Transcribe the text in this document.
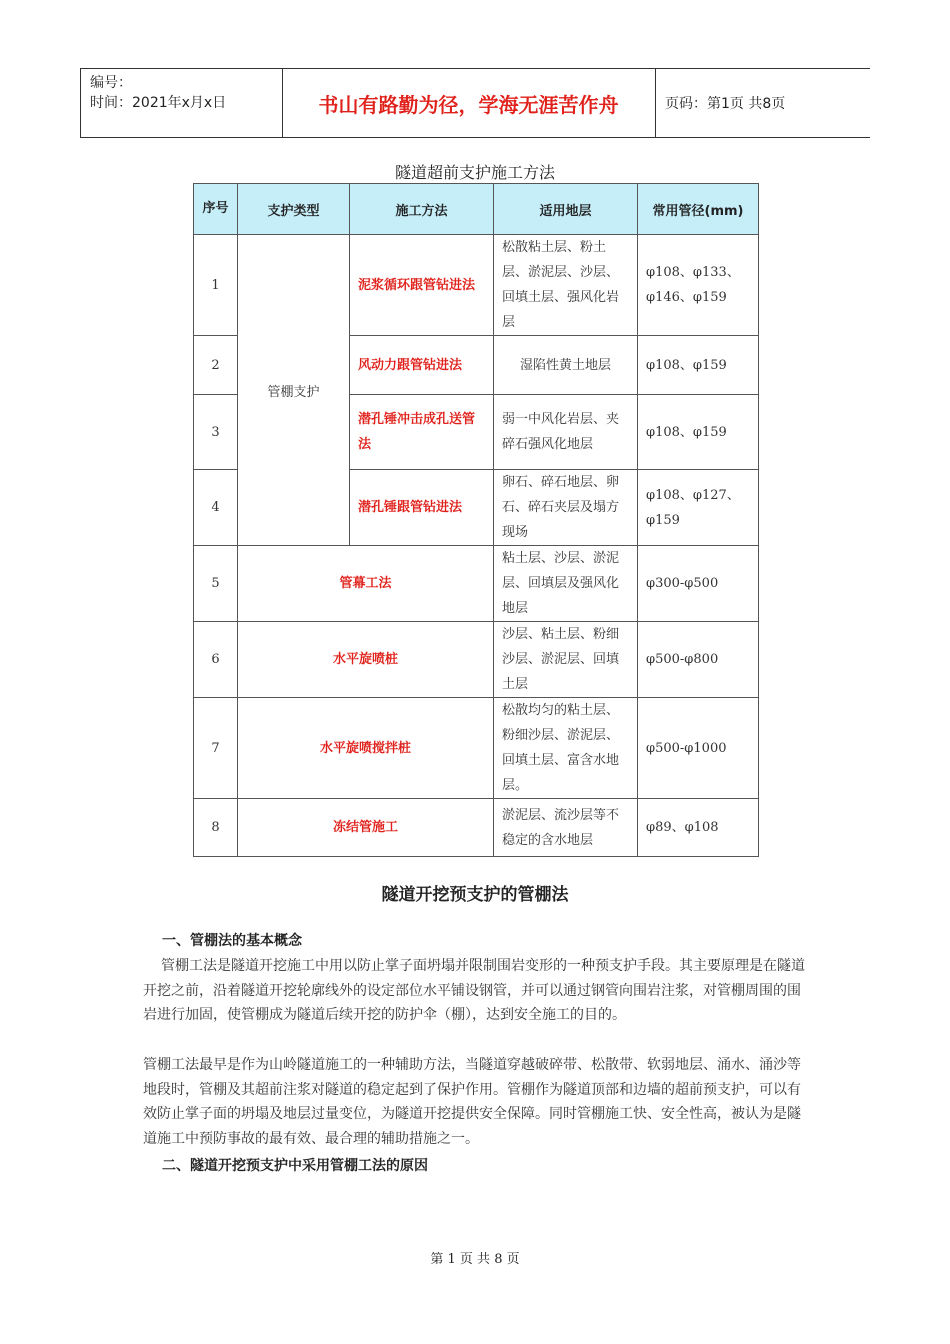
编号：
时间：2021年x月x日	书山有路勤为径，学海无涯苦作舟	页码：第1页 共8页
隧道超前支护施工方法
序号	支护类型	施工方法	适用地层	常用管径(mm)
1	管棚支护	泥浆循环跟管钻进法	松散粘土层、粉土层、淤泥层、沙层、回填土层、强风化岩层	φ108、φ133、φ146、φ159
2		风动力跟管钻进法	湿陷性黄土地层	φ108、φ159
3		潜孔锤冲击成孔送管法	弱一中风化岩层、夹碎石强风化地层	φ108、φ159
4		潜孔锤跟管钻进法	卵石、碎石地层、卵石、碎石夹层及塌方现场	φ108、φ127、φ159
5	管幕工法		粘土层、沙层、淤泥层、回填层及强风化地层	φ300-φ500
6	水平旋喷桩		沙层、粘土层、粉细沙层、淤泥层、回填土层	φ500-φ800
7	水平旋喷搅拌桩		松散均匀的粘土层、粉细沙层、淤泥层、回填土层、富含水地层。	φ500-φ1000
8	冻结管施工		淤泥层、流沙层等不稳定的含水地层	φ89、φ108
隧道开挖预支护的管棚法
一、管棚法的基本概念
管棚工法是隧道开挖施工中用以防止掌子面坍塌并限制围岩变形的一种预支护手段。其主要原理是在隧道开挖之前，沿着隧道开挖轮廓线外的设定部位水平铺设钢管，并可以通过钢管向围岩注浆，对管棚周围的围岩进行加固，使管棚成为隧道后续开挖的防护伞（棚），达到安全施工的目的。
管棚工法最早是作为山岭隧道施工的一种辅助方法，当隧道穿越破碎带、松散带、软弱地层、涌水、涌沙等地段时，管棚及其超前注浆对隧道的稳定起到了保护作用。管棚作为隧道顶部和边墙的超前预支护，可以有效防止掌子面的坍塌及地层过量变位，为隧道开挖提供安全保障。同时管棚施工快、安全性高，被认为是隧道施工中预防事故的最有效、最合理的辅助措施之一。
二、隧道开挖预支护中采用管棚工法的原因
第 1 页 共 8 页
